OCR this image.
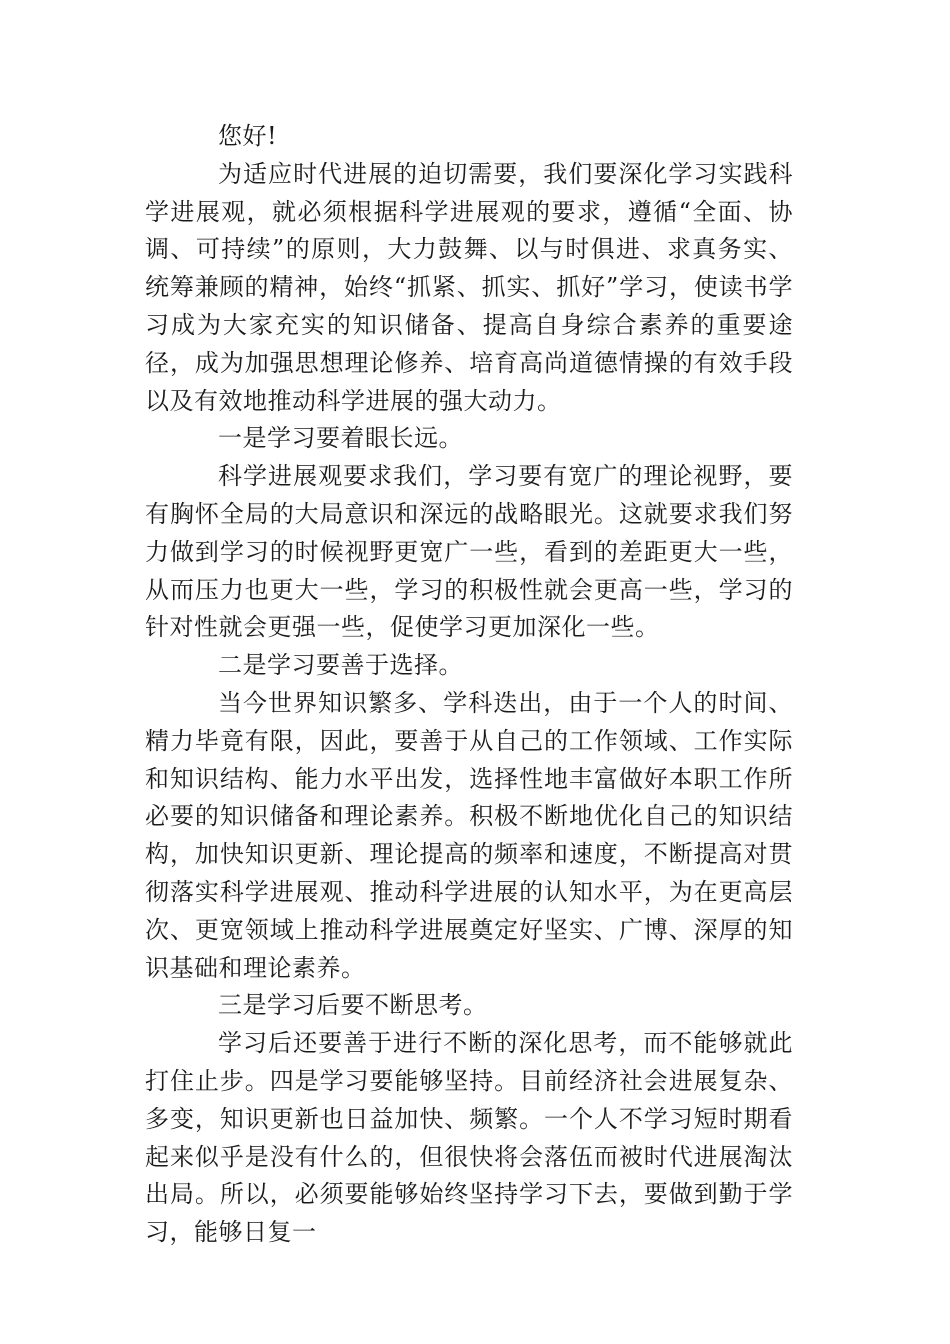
您好!

为适应时代进展的迫切需要，我们要深化学习实践科学进展观，就必须根据科学进展观的要求，遵循“全面、协调、可持续”的原则，大力鼓舞、以与时俱进、求真务实、统筹兼顾的精神，始终“抓紧、抓实、抓好”学习，使读书学习成为大家充实的知识储备、提高自身综合素养的重要途径，成为加强思想理论修养、培育高尚道德情操的有效手段以及有效地推动科学进展的强大动力。

一是学习要着眼长远。

科学进展观要求我们，学习要有宽广的理论视野，要有胸怀全局的大局意识和深远的战略眼光。这就要求我们努力做到学习的时候视野更宽广一些，看到的差距更大一些，从而压力也更大一些，学习的积极性就会更高一些，学习的针对性就会更强一些，促使学习更加深化一些。

二是学习要善于选择。

当今世界知识繁多、学科迭出，由于一个人的时间、精力毕竟有限，因此，要善于从自己的工作领域、工作实际和知识结构、能力水平出发，选择性地丰富做好本职工作所必要的知识储备和理论素养。积极不断地优化自己的知识结构，加快知识更新、理论提高的频率和速度，不断提高对贯彻落实科学进展观、推动科学进展的认知水平，为在更高层次、更宽领域上推动科学进展奠定好坚实、广博、深厚的知识基础和理论素养。

三是学习后要不断思考。

学习后还要善于进行不断的深化思考，而不能够就此打住止步。四是学习要能够坚持。目前经济社会进展复杂、多变，知识更新也日益加快、频繁。一个人不学习短时期看起来似乎是没有什么的，但很快将会落伍而被时代进展淘汰出局。所以，必须要能够始终坚持学习下去，要做到勤于学习，能够日复一
